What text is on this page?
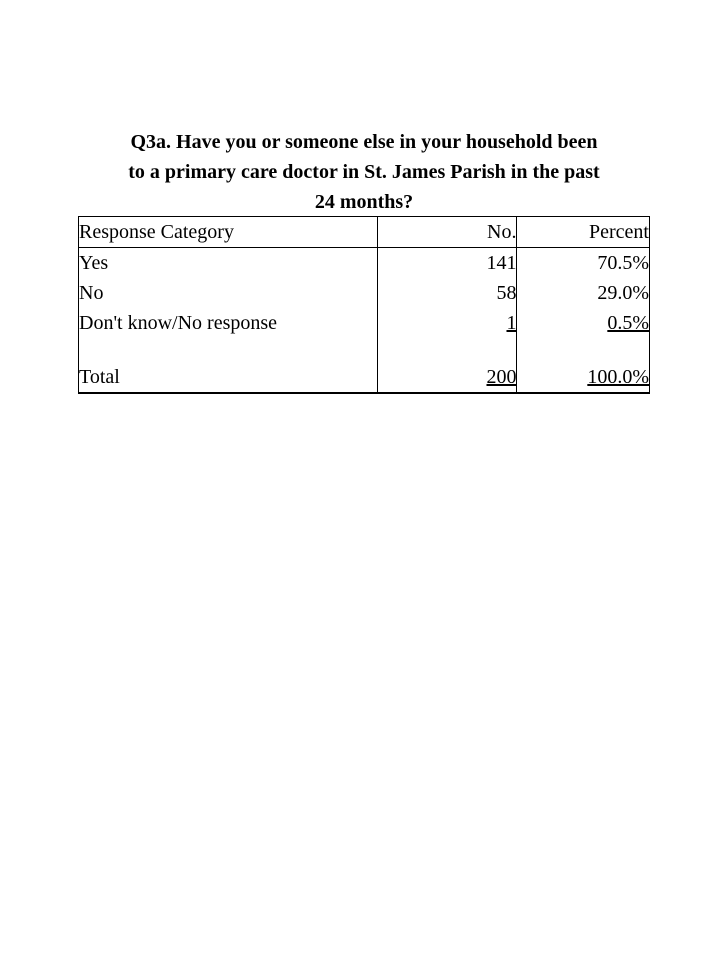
Q3a. Have you or someone else in your household been
to a primary care doctor in St. James Parish in the past
24 months?
Response Category	No.	Percent
Yes	141	70.5%
No	58	29.0%
Don't know/No response	1	0.5%

Total	200	100.0%
